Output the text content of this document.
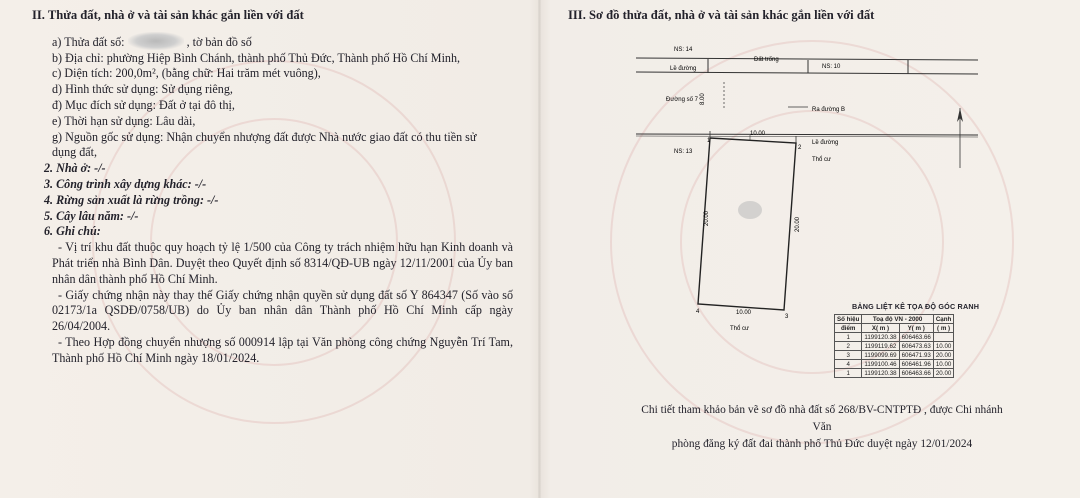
II. Thửa đất, nhà ở và tài sản khác gắn liền với đất
a) Thửa đất số:	, tờ bản đồ số
b) Địa chỉ: phường Hiệp Bình Chánh, thành phố Thủ Đức, Thành phố Hồ Chí Minh,
c) Diện tích: 200,0m², (bằng chữ: Hai trăm mét vuông),
d) Hình thức sử dụng: Sử dụng riêng,
đ) Mục đích sử dụng: Đất ở tại đô thị,
e) Thời hạn sử dụng: Lâu dài,
g) Nguồn gốc sử dụng: Nhận chuyển nhượng đất được Nhà nước giao đất có thu tiền sử
dụng đất,
2. Nhà ở: -/-
3. Công trình xây dựng khác: -/-
4. Rừng sản xuất là rừng trồng: -/-
5. Cây lâu năm: -/-
6. Ghi chú:
- Vị trí khu đất thuộc quy hoạch tỷ lệ 1/500 của Công ty trách nhiệm hữu hạn Kinh doanh và Phát triển nhà Bình Dân. Duyệt theo Quyết định số 8314/QĐ-UB ngày 12/11/2001 của Ủy ban nhân dân thành phố Hồ Chí Minh.
- Giấy chứng nhận này thay thế Giấy chứng nhận quyền sử dụng đất số Y 864347 (Số vào số 02173/1a QSDĐ/0758/UB) do Ủy ban nhân dân Thành phố Hồ Chí Minh cấp ngày 26/04/2004.
- Theo Hợp đồng chuyển nhượng số 000914 lập tại Văn phòng công chứng Nguyễn Trí Tam, Thành phố Hồ Chí Minh ngày 18/01/2024.
III. Sơ đồ thửa đất, nhà ở và tài sản khác gắn liền với đất
NS: 14
Đất trống
NS: 10
Lề đường
Đường số 7 8.00
Ra đường B
10.00
Lề đường
NS: 13
Thổ cư
20.00	20.00
10.00
Thổ cư
1
2
3
4
BẢNG LIỆT KÊ TỌA ĐỘ GÓC RANH
Số hiệu	Toạ độ VN - 2000		Cạnh
điểm	X( m )	Y( m )	( m )
1	1199120.38	606463.66	
2	1199119.62	606473.63	10.00
3	1199099.69	606471.93	20.00
4	1199100.46	606461.96	10.00
1	1199120.38	606463.66	20.00
Chi tiết tham khảo bản vẽ sơ đồ nhà đất số 268/BV-CNTPTĐ , được Chi nhánh Văn
phòng đăng ký đất đai thành phố Thủ Đức duyệt ngày 12/01/2024
